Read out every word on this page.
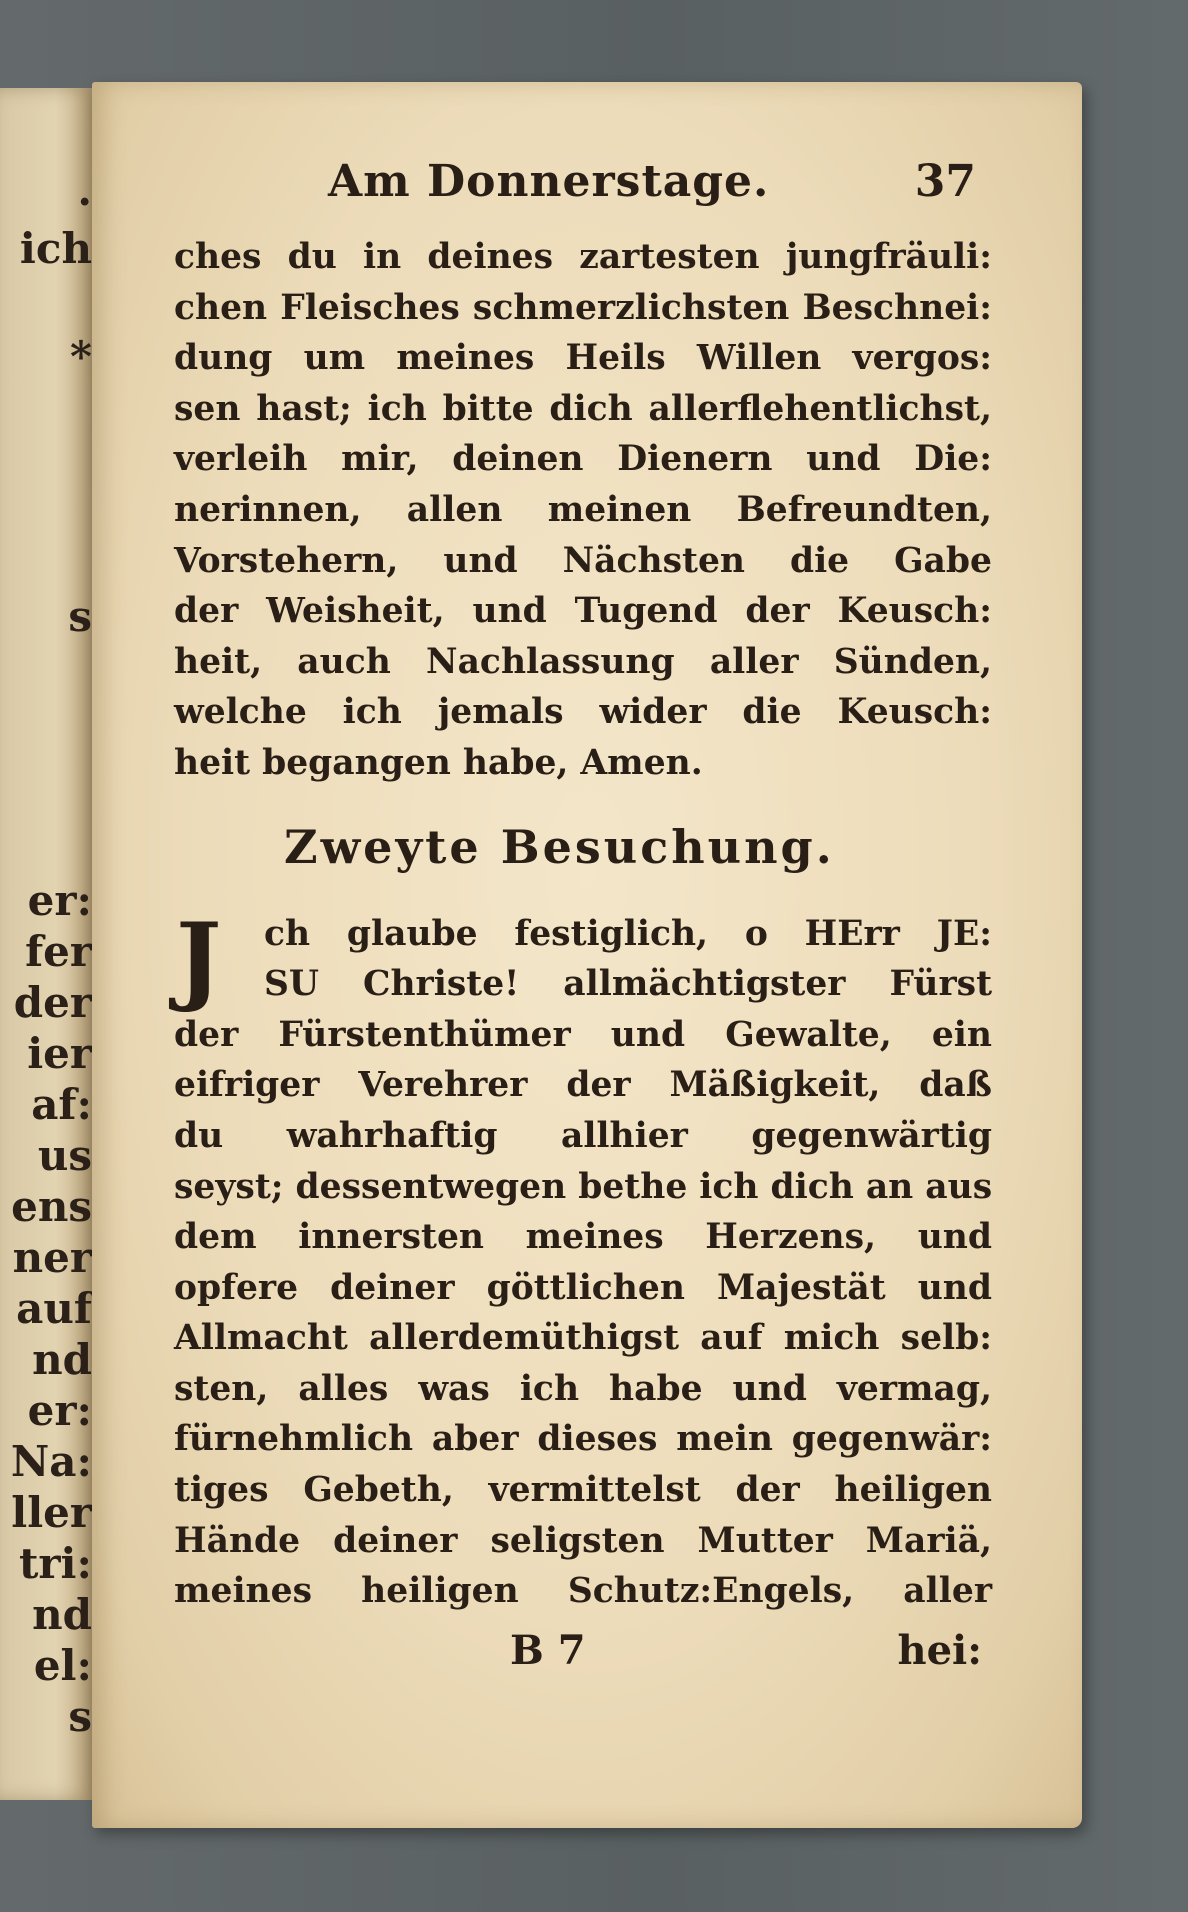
.
ich
*
s
er:
fer
der
ier
af:
us
ens
ner
auf
nd
er:
Na:
ller
tri:
nd
el:
s
Am Donnerstage.	37
ches du in deines zartesten jungfräuli:
chen Fleisches schmerzlichsten Beschnei:
dung um meines Heils Willen vergos:
sen hast; ich bitte dich allerflehentlichst,
verleih mir, deinen Dienern und Die:
nerinnen, allen meinen Befreundten,
Vorstehern, und Nächsten die Gabe
der Weisheit, und Tugend der Keusch:
heit, auch Nachlassung aller Sünden,
welche ich jemals wider die Keusch:
heit begangen habe, Amen.
Zweyte Besuchung.
J	ch glaube festiglich, o HErr JE:
SU Christe! allmächtigster Fürst
der Fürstenthümer und Gewalte, ein
eifriger Verehrer der Mäßigkeit, daß
du wahrhaftig allhier gegenwärtig
seyst; dessentwegen bethe ich dich an aus
dem innersten meines Herzens, und
opfere deiner göttlichen Majestät und
Allmacht allerdemüthigst auf mich selb:
sten, alles was ich habe und vermag,
fürnehmlich aber dieses mein gegenwär:
tiges Gebeth, vermittelst der heiligen
Hände deiner seligsten Mutter Mariä,
meines heiligen Schutz:Engels, aller
B 7	hei:
